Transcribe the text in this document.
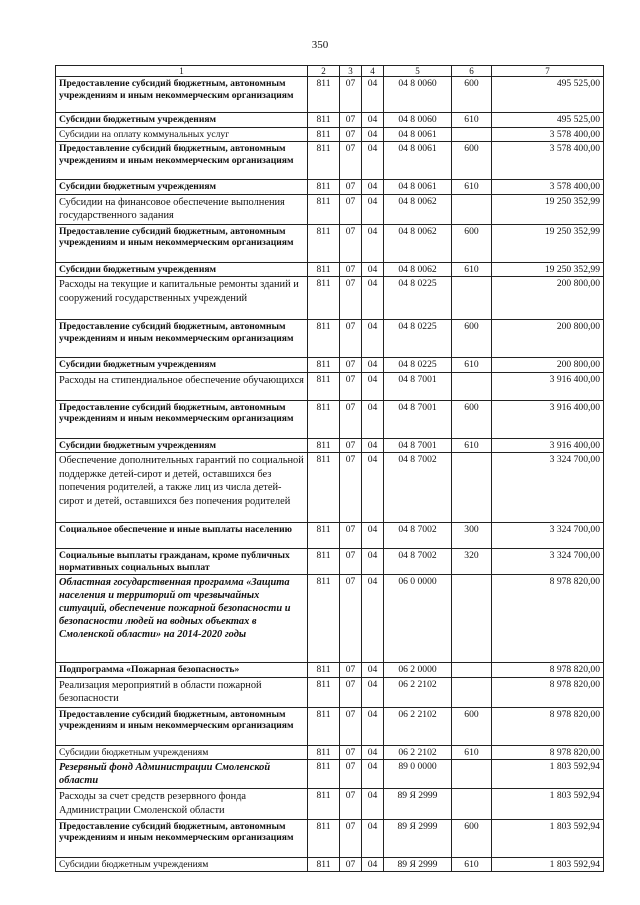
350
1	2	3	4	5	6	7
Предоставление субсидий бюджетным, автономным учреждениям и иным некоммерческим организациям	811	07	04	04 8 0060	600	495 525,00
Субсидии бюджетным учреждениям	811	07	04	04 8 0060	610	495 525,00
Субсидии на оплату коммунальных услуг	811	07	04	04 8 0061		3 578 400,00
Предоставление субсидий бюджетным, автономным учреждениям и иным некоммерческим организациям	811	07	04	04 8 0061	600	3 578 400,00
Субсидии бюджетным учреждениям	811	07	04	04 8 0061	610	3 578 400,00
Субсидии на финансовое обеспечение выполнения государственного задания	811	07	04	04 8 0062		19 250 352,99
Предоставление субсидий бюджетным, автономным учреждениям и иным некоммерческим организациям	811	07	04	04 8 0062	600	19 250 352,99
Субсидии бюджетным учреждениям	811	07	04	04 8 0062	610	19 250 352,99
Расходы на текущие и капитальные ремонты зданий и сооружений государственных учреждений	811	07	04	04 8 0225		200 800,00
Предоставление субсидий бюджетным, автономным учреждениям и иным некоммерческим организациям	811	07	04	04 8 0225	600	200 800,00
Субсидии бюджетным учреждениям	811	07	04	04 8 0225	610	200 800,00
Расходы на стипендиальное обеспечение обучающихся	811	07	04	04 8 7001		3 916 400,00
Предоставление субсидий бюджетным, автономным учреждениям и иным некоммерческим организациям	811	07	04	04 8 7001	600	3 916 400,00
Субсидии бюджетным учреждениям	811	07	04	04 8 7001	610	3 916 400,00
Обеспечение дополнительных гарантий по социальной поддержке детей-сирот и детей, оставшихся без попечения родителей, а также лиц из числа детей-сирот и детей, оставшихся без попечения родителей	811	07	04	04 8 7002		3 324 700,00
Социальное обеспечение и иные выплаты населению	811	07	04	04 8 7002	300	3 324 700,00
Социальные выплаты гражданам, кроме публичных нормативных социальных выплат	811	07	04	04 8 7002	320	3 324 700,00
Областная государственная программа «Защита населения и территорий от чрезвычайных ситуаций, обеспечение пожарной безопасности и безопасности людей на водных объектах в Смоленской области» на 2014-2020 годы	811	07	04	06 0 0000		8 978 820,00
Подпрограмма «Пожарная безопасность»	811	07	04	06 2 0000		8 978 820,00
Реализация мероприятий в области пожарной безопасности	811	07	04	06 2 2102		8 978 820,00
Предоставление субсидий бюджетным, автономным учреждениям и иным некоммерческим организациям	811	07	04	06 2 2102	600	8 978 820,00
Субсидии бюджетным учреждениям	811	07	04	06 2 2102	610	8 978 820,00
Резервный фонд Администрации Смоленской области	811	07	04	89 0 0000		1 803 592,94
Расходы за счет средств резервного фонда Администрации Смоленской области	811	07	04	89 Я 2999		1 803 592,94
Предоставление субсидий бюджетным, автономным учреждениям и иным некоммерческим организациям	811	07	04	89 Я 2999	600	1 803 592,94
Субсидии бюджетным учреждениям	811	07	04	89 Я 2999	610	1 803 592,94
